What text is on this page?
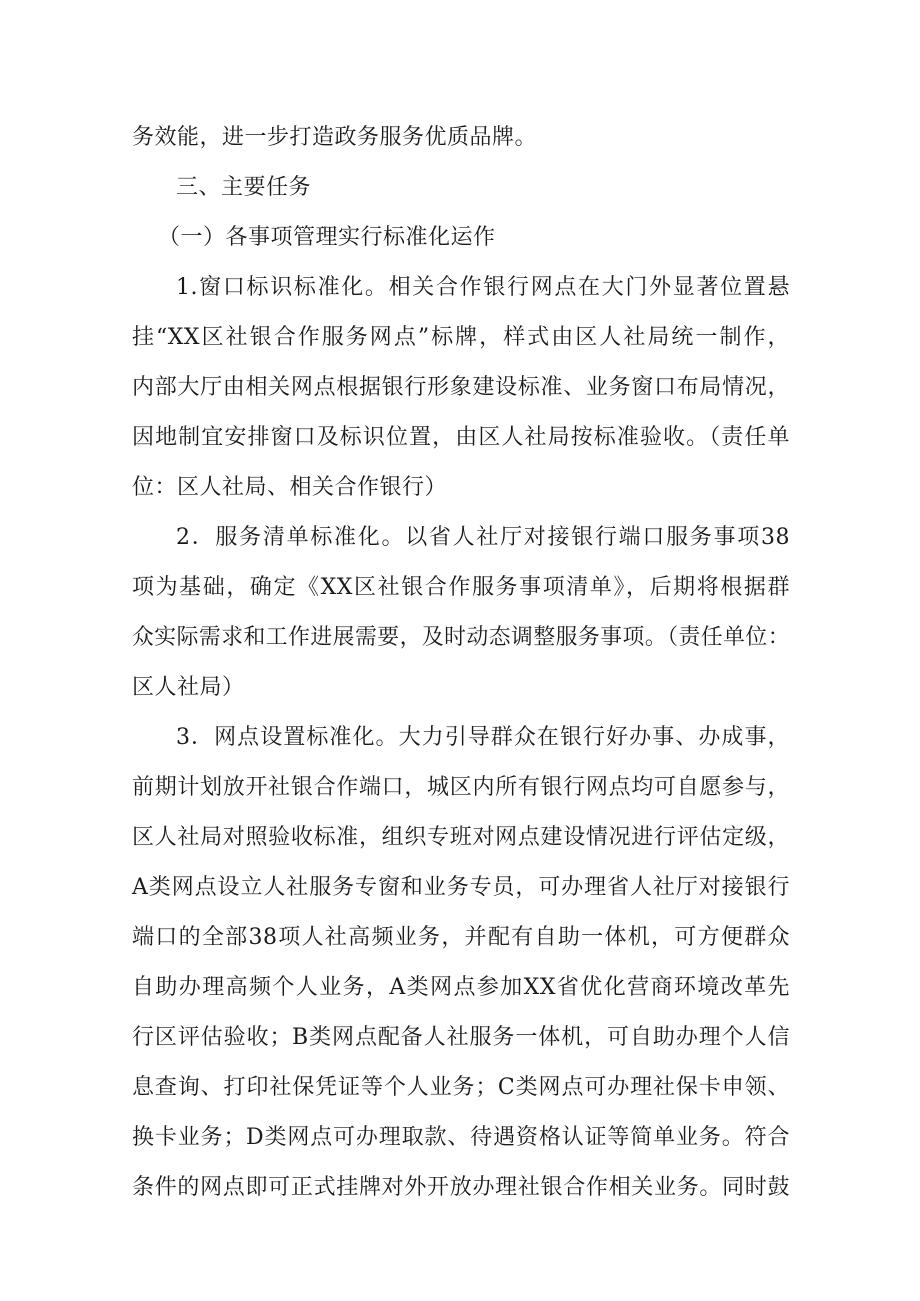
务效能，进一步打造政务服务优质品牌。
三、主要任务
（一）各事项管理实行标准化运作
1.窗口标识标准化。相关合作银行网点在大门外显著位置悬
挂“XX区社银合作服务网点”标牌，样式由区人社局统一制作，
内部大厅由相关网点根据银行形象建设标准、业务窗口布局情况，
因地制宜安排窗口及标识位置，由区人社局按标准验收。（责任单
位：区人社局、相关合作银行）
2．服务清单标准化。以省人社厅对接银行端口服务事项38
项为基础，确定《XX区社银合作服务事项清单》，后期将根据群
众实际需求和工作进展需要，及时动态调整服务事项。（责任单位：
区人社局）
3．网点设置标准化。大力引导群众在银行好办事、办成事，
前期计划放开社银合作端口，城区内所有银行网点均可自愿参与，
区人社局对照验收标准，组织专班对网点建设情况进行评估定级，
A类网点设立人社服务专窗和业务专员，可办理省人社厅对接银行
端口的全部38项人社高频业务，并配有自助一体机，可方便群众
自助办理高频个人业务，A类网点参加XX省优化营商环境改革先
行区评估验收；B类网点配备人社服务一体机，可自助办理个人信
息查询、打印社保凭证等个人业务；C类网点可办理社保卡申领、
换卡业务；D类网点可办理取款、待遇资格认证等简单业务。符合
条件的网点即可正式挂牌对外开放办理社银合作相关业务。同时鼓
